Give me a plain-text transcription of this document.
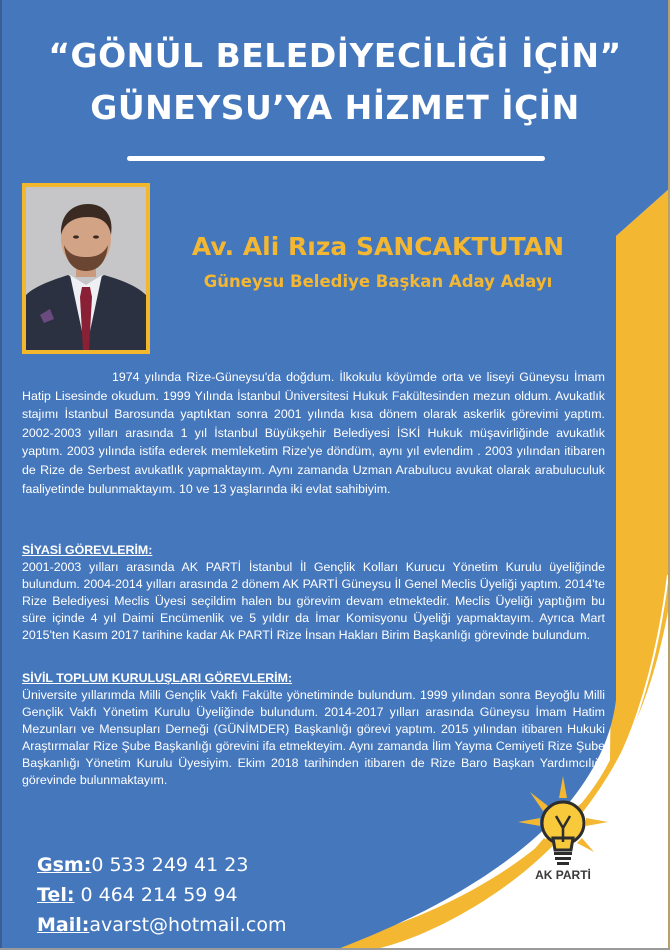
“GÖNÜL BELEDİYECİLİĞİ İÇİN”
GÜNEYSU’YA HİZMET İÇİN
Av. Ali Rıza SANCAKTUTAN
Güneysu Belediye Başkan Aday Adayı
1974 yılında Rize-Güneysu'da doğdum. İlkokulu köyümde orta ve liseyi Güneysu İmam Hatip Lisesinde okudum. 1999 Yılında İstanbul Üniversitesi Hukuk Fakültesinden mezun oldum. Avukatlık stajımı İstanbul Barosunda yaptıktan sonra 2001 yılında kısa dönem olarak askerlik görevimi yaptım. 2002-2003 yılları arasında 1 yıl İstanbul Büyükşehir Belediyesi İSKİ Hukuk müşavirliğinde avukatlık yaptım. 2003 yılında istifa ederek memleketim Rize'ye döndüm, aynı yıl evlendim . 2003 yılından itibaren de Rize de Serbest avukatlık yapmaktayım. Aynı zamanda Uzman Arabulucu avukat olarak arabuluculuk faaliyetinde bulunmaktayım. 10 ve 13 yaşlarında iki evlat sahibiyim.
SİYASİ GÖREVLERİM:
2001-2003 yılları arasında AK PARTİ İstanbul İl Gençlik Kolları Kurucu Yönetim Kurulu üyeliğinde bulundum. 2004-2014 yılları arasında 2 dönem AK PARTİ Güneysu İl Genel Meclis Üyeliği yaptım. 2014'te Rize Belediyesi Meclis Üyesi seçildim halen bu görevim devam etmektedir. Meclis Üyeliği yaptığım bu süre içinde 4 yıl Daimi Encümenlik ve 5 yıldır da İmar Komisyonu Üyeliği yapmaktayım. Ayrıca Mart 2015'ten Kasım 2017 tarihine kadar Ak PARTİ Rize İnsan Hakları Birim Başkanlığı görevinde bulundum.
SİVİL TOPLUM KURULUŞLARI GÖREVLERİM:
Üniversite yıllarımda Milli Gençlik Vakfı Fakülte yönetiminde bulundum. 1999 yılından sonra Beyoğlu Milli Gençlik Vakfı Yönetim Kurulu Üyeliğinde bulundum. 2014-2017 yılları arasında Güneysu İmam Hatim Mezunları ve Mensupları Derneği (GÜNİMDER) Başkanlığı görevi yaptım. 2015 yılından itibaren Hukuki Araştırmalar Rize Şube Başkanlığı görevini ifa etmekteyim. Aynı zamanda İlim Yayma Cemiyeti Rize Şube Başkanlığı Yönetim Kurulu Üyesiyim. Ekim 2018 tarihinden itibaren de Rize Baro Başkan Yardımcılığı görevinde bulunmaktayım.
Gsm:0 533 249 41 23
Tel: 0 464 214 59 94
Mail:avarst@hotmail.com
AK PARTİ
